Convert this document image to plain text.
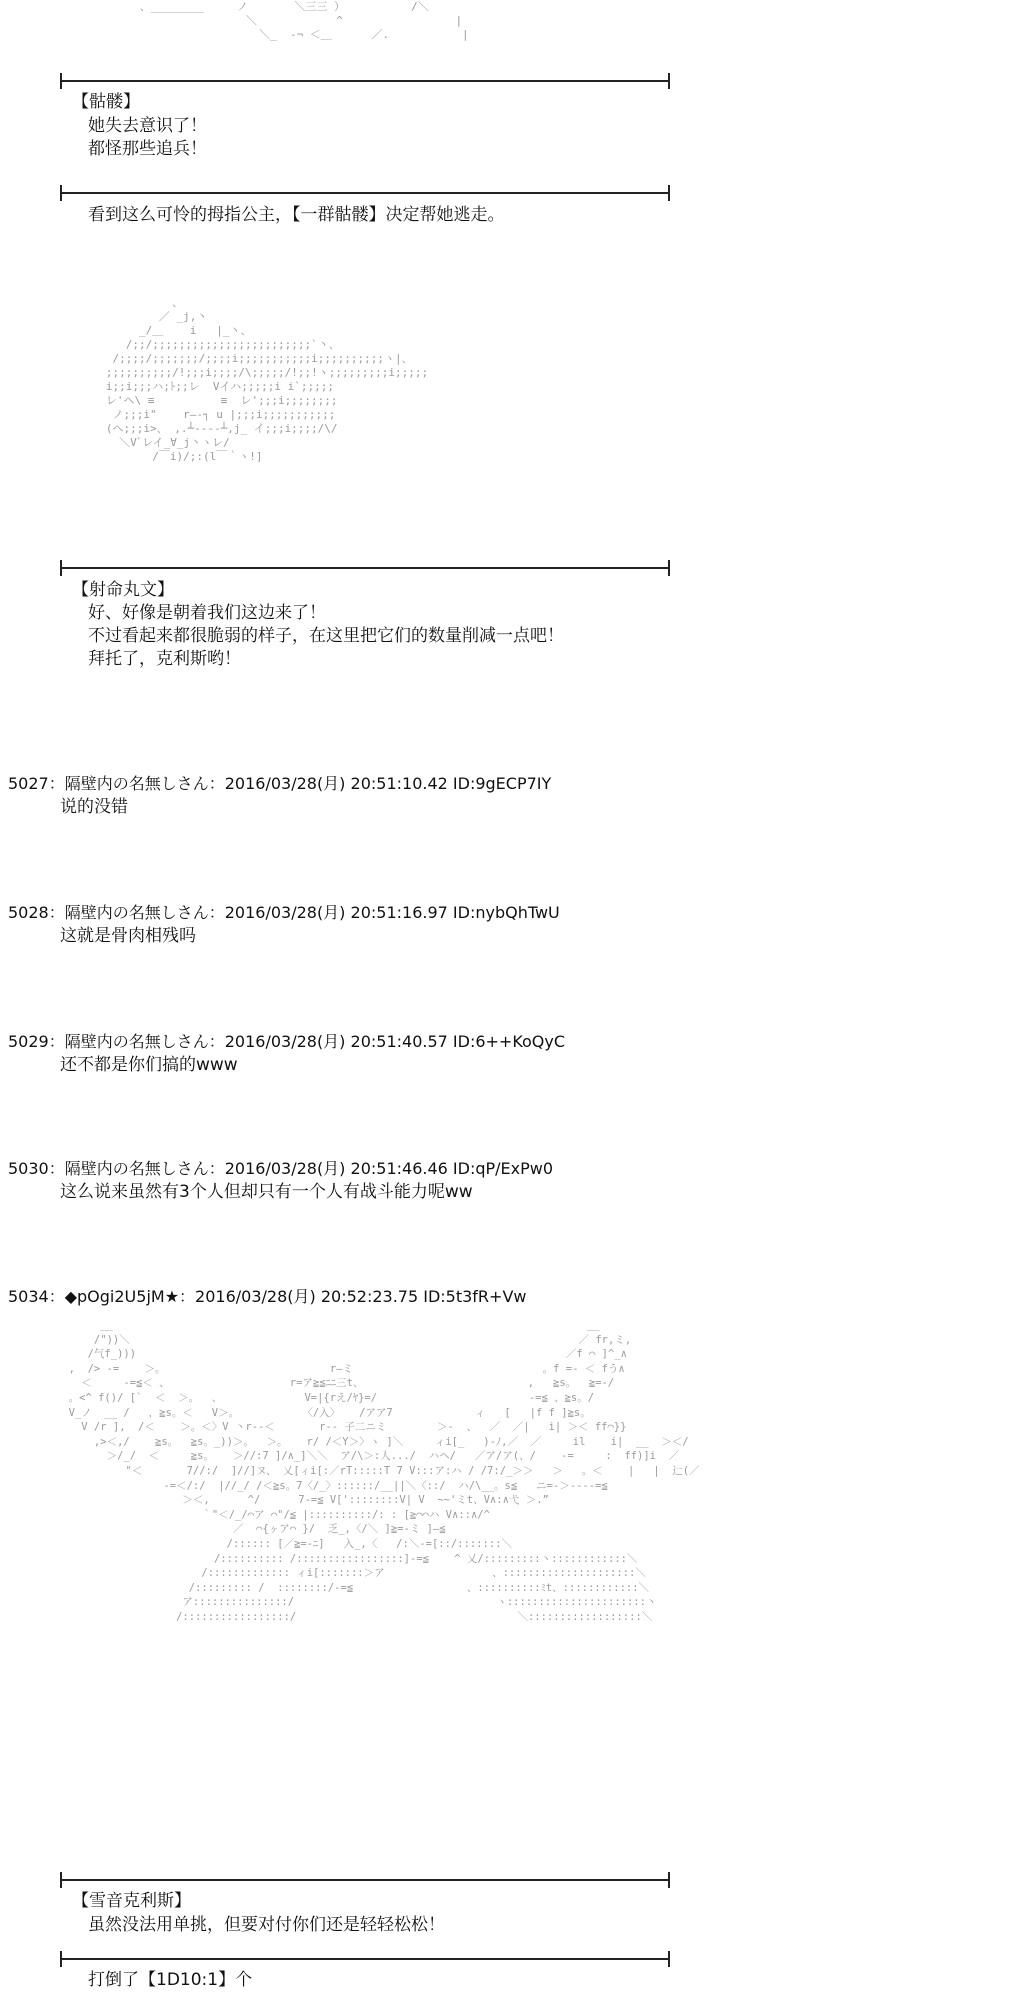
、________     ノ       ＼三三 ）          /＼
＼            ^                 |
＼_  ‐¬ ＜＿      ／.           |
【骷髅】
她失去意识了！
都怪那些追兵！
看到这么可怜的拇指公主，【一群骷髅】决定帮她逃走。
、
／ _j,丶
_/＿    i   |_丶、
/;;/;;;;;;;;;;;;;;;;;;;;;;;;`丶、
/;;;;/;;;;;;;/;;;;i;;;;;;;;;;;i;;;;;;;;;;ヽ|、
;;;;;;;;;;/!;;;i;;;;/\;;;;;/!;;!ヽ;;;;;;;;;i;;;;;
i;;i;;;ハ;ﾄ;;レ  Vイハ;;;;;i i`;;;;;
レ'ヘ\ ≡          ≡  レ';;;i;;;;;;;;
ノ;;;i"    r―‐┐ u |;;;i;;;;;;;;;;;
(ヘ;;;i>、 ,.┴‐‐‐‐┴,j_ イ;;;i;;;;/\/
＼Vﾞレイ_∀_j丶ヽレ/
/￣i)/;:(l￣｀ヽ!]
【射命丸文】
好、好像是朝着我们这边来了！
不过看起来都很脆弱的样子，在这里把它们的数量削减一点吧！
拜托了，克利斯哟！
5027：隔壁内の名無しさん：2016/03/28(月) 20:51:10.42 ID:9gECP7IY
说的没错
5028：隔壁内の名無しさん：2016/03/28(月) 20:51:16.97 ID:nybQhTwU
这就是骨肉相残吗
5029：隔壁内の名無しさん：2016/03/28(月) 20:51:40.57 ID:6++KoQyC
还不都是你们搞的www
5030：隔壁内の名無しさん：2016/03/28(月) 20:51:46.46 ID:qP/ExPw0
这么说来虽然有3个人但却只有一个人有战斗能力呢ww
5034：◆pOgi2U5jM★：2016/03/28(月) 20:52:23.75 ID:5t3fR+Vw
__                                                                           __
/"))＼                                                                       ／ fr,ミ,
/气f_)))                                                                    ／f ⌒ ]^_∧
,  /> -=    ＞。                          r―ミ                              。f =- ＜ fう∧
＜     -=≦＜ 、                   r=ア≧≦ﾆﾆ三t、                          ,   ≧s。  ≧=-/
。<^ f()/ [`  ＜  ＞。  、             V=|{rえ/ﾔ}=/                        -=≦ 、≧s。/
V_ノ  __ /   ，≧s。＜   V＞。          〈/入〉   /アア7             ィ   [   |f f ]≧s。
V /r ],  /＜    ＞。＜〉V 丶r‐‐＜       r‐‐ 子二ニミ        ＞-  、  ／  ／|   i| ＞＜ ff⌒}}
,>＜,/    ≧s。  ≧s。_))＞。  ＞。   r/ /＜Y＞〉ヽ ]＼     ィi[_   )-ﾉ,／  ／     il    i|  __  ＞＜/
＞/_/  ＜     ≧s。   ＞//:7 ]/∧_]＼＼  ア/\＞:人.../  ハヘ/   ／ア/ア(、/    -=     :  ff)]i  ／
"＜       7//:/  ]//]ヌ、 乂[ィi[:／rT:::::T 7 V:::ア:ハ / /7:/_＞＞   ＞   。＜    |   |  辷(／
-=＜/:/  |//_/ /＜≧s。7〈/_〉::::::/__||＼〈::/  ハ/\__。s≦   ニ=-＞----=≦
＞＜,      ^/      7-=≦ V['::::::::V| V  ~~'ミt、V∧:∧弋 ＞.”
｀"＜/_/⌒ア ⌒"/≦ |::::::::::/: : [≧⌒⌒ハ V∧::∧/^
／  ⌒{ヶア⌒ }/  乏_,〈/＼ ]≧=-ミ ]―≦
/:::::: [／≧=-ﾆ]   入_,〈   /:＼-=[::/:::::::＼
/:::::::::: /:::::::::::::::::]-=≦    ^ 乂/:::::::::丶::::::::::::＼
/::::::::::::: ィi[:::::::＞ア                 、:::::::::::::::::::::＼
/::::::::: /  ::::::::/-=≦                  、::::::::::ﾐt、::::::::::::＼
ア:::::::::::::::/                                ヽ::::::::::::::::::::::丶
/:::::::::::::::::/                                   ＼::::::::::::::::::＼
【雪音克利斯】
虽然没法用单挑，但要对付你们还是轻轻松松！
打倒了【1D10:1】个
